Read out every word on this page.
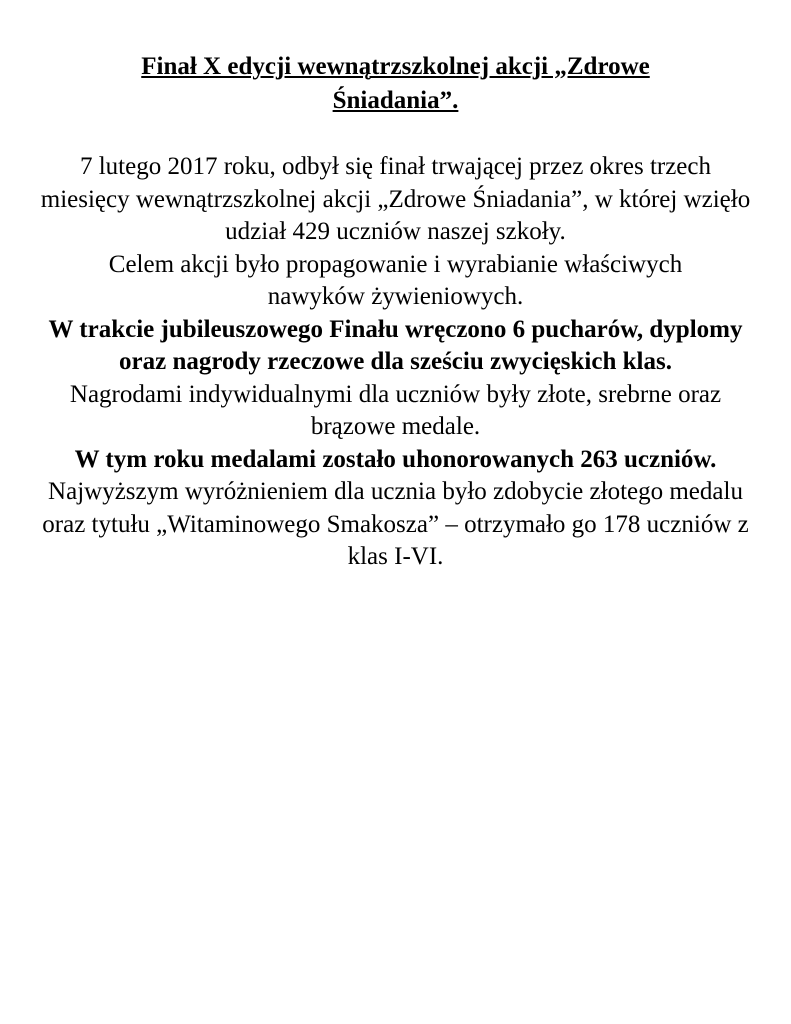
Finał X edycji wewnątrzszkolnej akcji „Zdrowe Śniadania”.

7 lutego 2017 roku, odbył się finał trwającej przez okres trzech miesięcy wewnątrzszkolnej akcji „Zdrowe Śniadania”, w której wzięło udział 429 uczniów naszej szkoły.

Celem akcji było propagowanie i wyrabianie właściwych nawyków żywieniowych.

W trakcie jubileuszowego Finału wręczono 6 pucharów, dyplomy oraz nagrody rzeczowe dla sześciu zwycięskich klas.

Nagrodami indywidualnymi dla uczniów były złote, srebrne oraz brązowe medale.

W tym roku medalami zostało uhonorowanych 263 uczniów.

Najwyższym wyróżnieniem dla ucznia było zdobycie złotego medalu oraz tytułu „Witaminowego Smakosza” – otrzymało go 178 uczniów z klas I-VI.
